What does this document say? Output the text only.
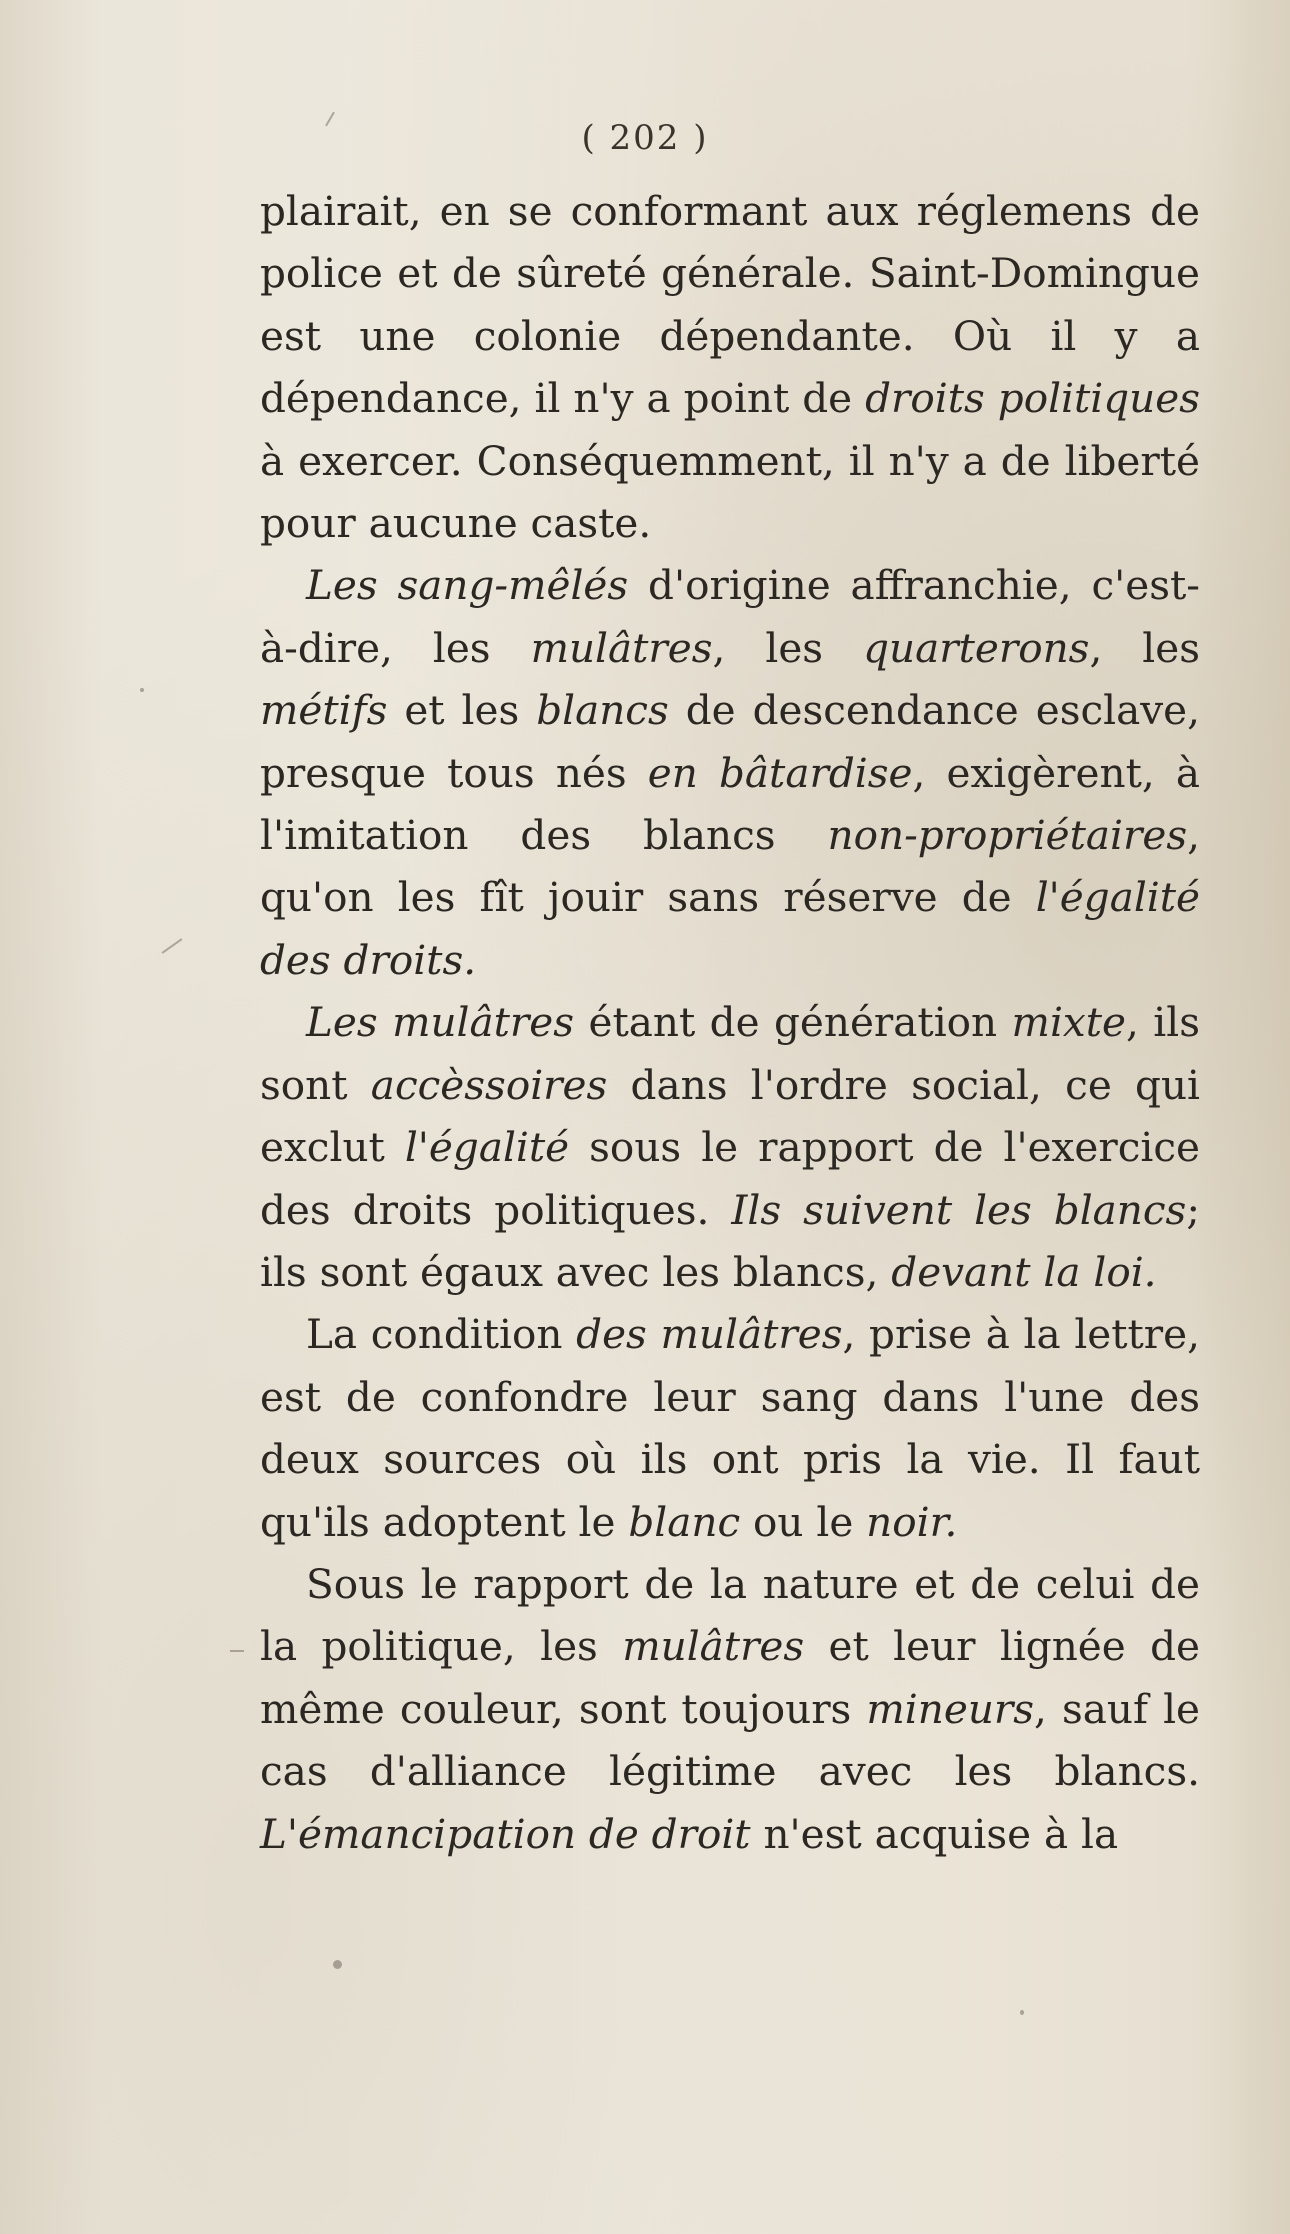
( 202 )

plairait, en se conformant aux réglemens de police et de sûreté générale. Saint-Domingue est une colonie dépendante. Où il y a dépendance, il n'y a point de droits politiques à exercer. Conséquemment, il n'y a de liberté pour aucune caste.

Les sang-mêlés d'origine affranchie, c'est-à-dire, les mulâtres, les quarterons, les métifs et les blancs de descendance esclave, presque tous nés en bâtardise, exigèrent, à l'imitation des blancs non-propriétaires, qu'on les fît jouir sans réserve de l'égalité des droits.

Les mulâtres étant de génération mixte, ils sont accèssoires dans l'ordre social, ce qui exclut l'égalité sous le rapport de l'exercice des droits politiques. Ils suivent les blancs; ils sont égaux avec les blancs, devant la loi.

La condition des mulâtres, prise à la lettre, est de confondre leur sang dans l'une des deux sources où ils ont pris la vie. Il faut qu'ils adoptent le blanc ou le noir.

Sous le rapport de la nature et de celui de la politique, les mulâtres et leur lignée de même couleur, sont toujours mineurs, sauf le cas d'alliance légitime avec les blancs. L'émancipation de droit n'est acquise à la
